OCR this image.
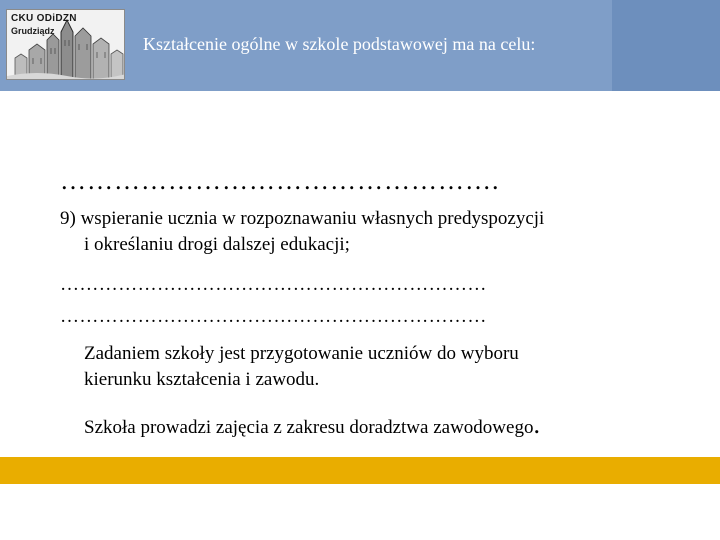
CKU ODiDZN
Grudziądz
Kształcenie ogólne w szkole podstawowej ma na celu:
………………………………………….
9) wspieranie ucznia w rozpoznawaniu własnych predyspozycji
i określaniu drogi dalszej edukacji;
…………………………………………………………
…………………………………………………………
Zadaniem szkoły jest przygotowanie uczniów do wyboru
kierunku kształcenia i zawodu.
Szkoła prowadzi zajęcia z zakresu doradztwa zawodowego.
